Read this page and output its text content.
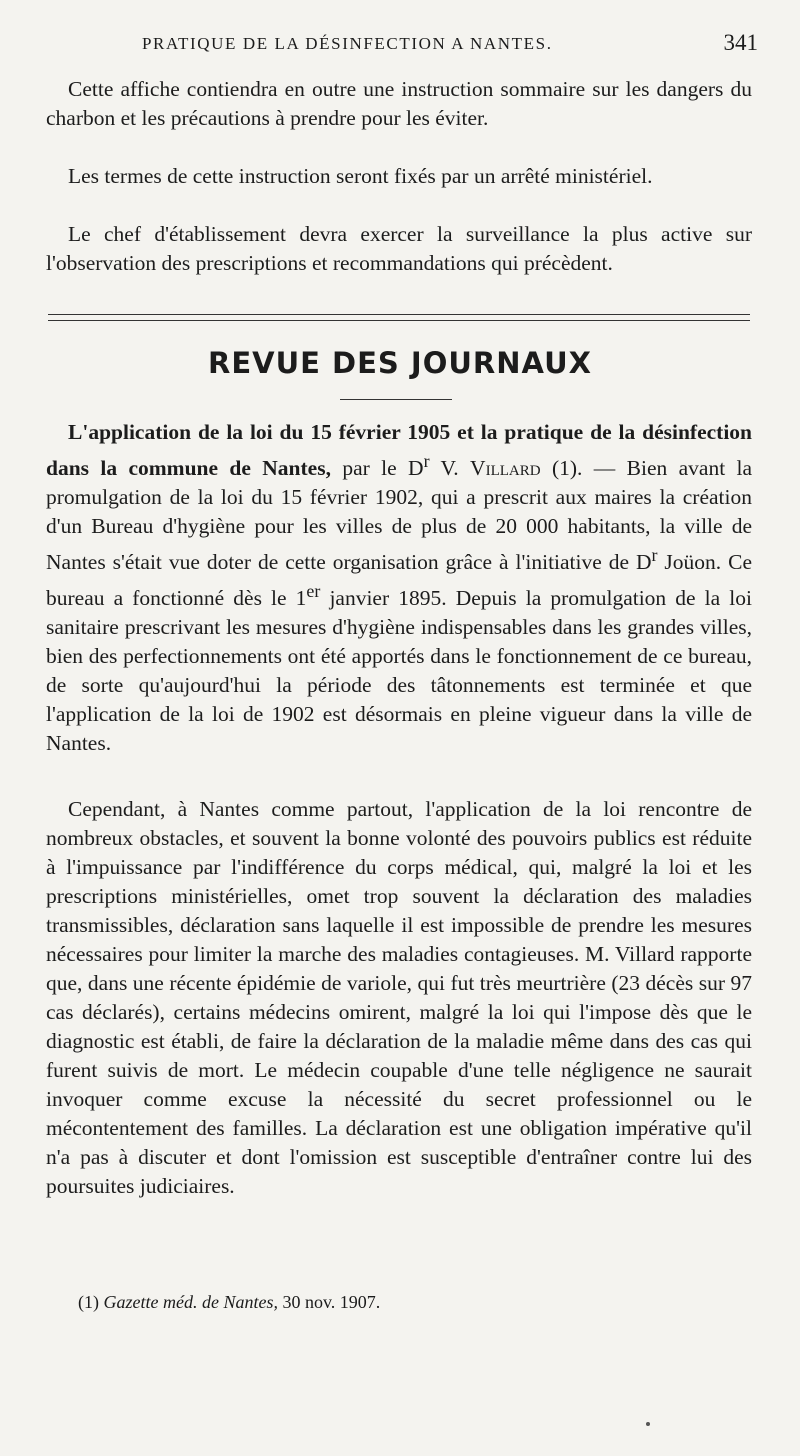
PRATIQUE DE LA DÉSINFECTION A NANTES.	341

Cette affiche contiendra en outre une instruction sommaire sur les dangers du charbon et les précautions à prendre pour les éviter.

Les termes de cette instruction seront fixés par un arrêté ministériel.

Le chef d'établissement devra exercer la surveillance la plus active sur l'observation des prescriptions et recommandations qui précèdent.

REVUE DES JOURNAUX

L'application de la loi du 15 février 1905 et la pratique de la désinfection dans la commune de Nantes, par le $D^r$ V. Villard (1). — Bien avant la promulgation de la loi du 15 février 1902, qui a prescrit aux maires la création d'un Bureau d'hygiène pour les villes de plus de 20 000 habitants, la ville de Nantes s'était vue doter de cette organisation grâce à l'initiative de $D^r$ Joüon. Ce bureau a fonctionné dès le 1er janvier 1895. Depuis la promulgation de la loi sanitaire prescrivant les mesures d'hygiène indispensables dans les grandes villes, bien des perfectionnements ont été apportés dans le fonctionnement de ce bureau, de sorte qu'aujourd'hui la période des tâtonnements est terminée et que l'application de la loi de 1902 est désormais en pleine vigueur dans la ville de Nantes.

Cependant, à Nantes comme partout, l'application de la loi rencontre de nombreux obstacles, et souvent la bonne volonté des pouvoirs publics est réduite à l'impuissance par l'indifférence du corps médical, qui, malgré la loi et les prescriptions ministérielles, omet trop souvent la déclaration des maladies transmissibles, déclaration sans laquelle il est impossible de prendre les mesures nécessaires pour limiter la marche des maladies contagieuses. M. Villard rapporte que, dans une récente épidémie de variole, qui fut très meurtrière (23 décès sur 97 cas déclarés), certains médecins omirent, malgré la loi qui l'impose dès que le diagnostic est établi, de faire la déclaration de la maladie même dans des cas qui furent suivis de mort. Le médecin coupable d'une telle négligence ne saurait invoquer comme excuse la nécessité du secret professionnel ou le mécontentement des familles. La déclaration est une obligation impérative qu'il n'a pas à discuter et dont l'omission est susceptible d'entraîner contre lui des poursuites judiciaires.

(1) Gazette méd. de Nantes, 30 nov. 1907.
